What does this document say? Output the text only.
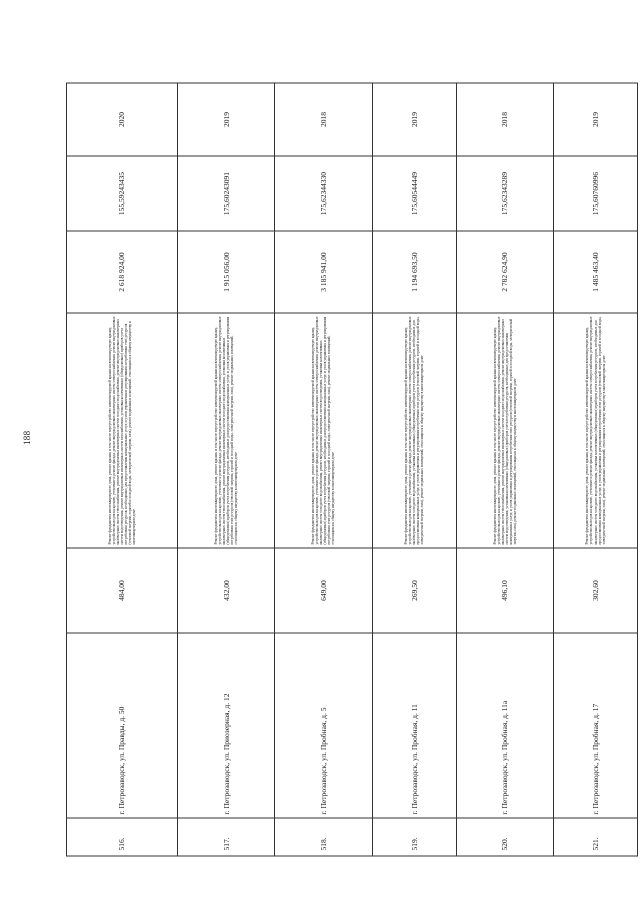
188
516.	г. Петрозаводск, ул. Правды, д. 50	484,00	Ремонт фундамента многоквартирного дома, ремонт крыши, в том числе переустройство невентилируемой крыши на вентилируемую крышу, устройство выходов на кровлю, утепление и ремонт фасада, ремонт внутридомовых инженерных систем электроснабжения, ремонт внутридомовых инженерных систем теплоснабжения, ремонт внутридомовых инженерных систем холодного водоснабжения, ремонт внутридомовых инженерных систем водоотведения, ремонт внутридомовых инженерных систем газоснабжения, установка коллективных (общедомовых) приборов учета потребления ресурсов, необходимых для предоставления коммунальных услуг, и узлов управления и регулирования потребления этих ресурсов (тепловой энергии, горячей и холодной воды, электрической энергии, газа), ремонт подвальных помещений, относящихся к общему имуществу в многоквартирном доме	2 618 924,00	155,59243435	2020
517.	г. Петрозаводск, ул. Приозерная, д. 12	432,00	Ремонт фундамента многоквартирного дома, ремонт крыши, в том числе переустройство невентилируемой крыши на вентилируемую крышу, устройство выходов на кровлю, утепление и ремонт фасада, ремонт внутридомовых инженерных систем электроснабжения, ремонт внутридомовых инженерных систем теплоснабжения, ремонт внутридомовых инженерных систем холодного водоснабжения, установка коллективных (общедомовых) приборов учета потребления ресурсов, необходимых для предоставления коммунальных услуг, и узлов управления и регулирования потребления этих ресурсов (тепловой энергии, горячей и холодной воды, электрической энергии, газа), ремонт подвальных помещений, относящихся к общему имуществу в многоквартирном доме	1 915 056,00	175,60243091	2019
518.	г. Петрозаводск, ул. Пробная, д. 5	649,00	Ремонт фундамента многоквартирного дома, ремонт крыши, в том числе переустройство невентилируемой крыши на вентилируемую крышу, устройство выходов на кровлю, утепление и ремонт фасада, ремонт внутридомовых инженерных систем электроснабжения, ремонт внутридомовых инженерных систем холодного водоснабжения, ремонт внутридомовых инженерных систем водоотведения, установка коллективных (общедомовых) приборов учета потребления ресурсов, необходимых для предоставления коммунальных услуг, и узлов управления и регулирования потребления этих ресурсов (тепловой энергии, горячей и холодной воды, электрической энергии, газа), ремонт подвальных помещений, относящихся к общему имуществу в многоквартирном доме	3 185 941,00	175,62344330	2018
519.	г. Петрозаводск, ул. Пробная, д. 11	269,50	Ремонт фундамента многоквартирного дома, ремонт крыши, в том числе переустройство невентилируемой крыши на вентилируемую крышу, устройство выходов на кровлю, утепление и ремонт фасада, ремонт внутридомовых инженерных систем электроснабжения, ремонт внутридомовых инженерных систем холодного водоснабжения, установка коллективных (общедомовых) приборов учета потребления ресурсов, необходимых для предоставления коммунальных услуг, и узлов управления и регулирования потребления этих ресурсов (тепловой энергии, горячей и холодной воды, электрической энергии, газа), ремонт подвальных помещений, относящихся к общему имуществу в многоквартирном доме	1 194 693,50	175,60544449	2019
520.	г. Петрозаводск, ул. Пробная, д. 11а	496,10	Ремонт фундамента многоквартирного дома, ремонт крыши, в том числе переустройство невентилируемой крыши на вентилируемую крышу, устройство выходов на кровлю, утепление и ремонт фасада, ремонт внутридомовых инженерных систем электроснабжения, ремонт внутридомовых инженерных систем теплоснабжения, ремонт внутридомовых инженерных систем холодного водоснабжения, ремонт внутридомовых инженерных систем водоотведения, установка коллективных (общедомовых) приборов учета потребления ресурсов, необходимых для предоставления коммунальных услуг, и узлов управления и регулирования потребления этих ресурсов (тепловой энергии, горячей и холодной воды, электрической энергии, газа), ремонт подвальных помещений, относящихся к общему имуществу в многоквартирном доме	2 782 624,90	175,62343289	2018
521.	г. Петрозаводск, ул. Пробная, д. 17	302,60	Ремонт фундамента многоквартирного дома, ремонт крыши, в том числе переустройство невентилируемой крыши на вентилируемую крышу, устройство выходов на кровлю, утепление и ремонт фасада, ремонт внутридомовых инженерных систем электроснабжения, ремонт внутридомовых инженерных систем холодного водоснабжения, установка коллективных (общедомовых) приборов учета потребления ресурсов, необходимых для предоставления коммунальных услуг, и узлов управления и регулирования потребления этих ресурсов (тепловой энергии, горячей и холодной воды, электрической энергии, газа), ремонт подвальных помещений, относящихся к общему имуществу в многоквартирном доме	1 485 463,40	175,60760996	2019
